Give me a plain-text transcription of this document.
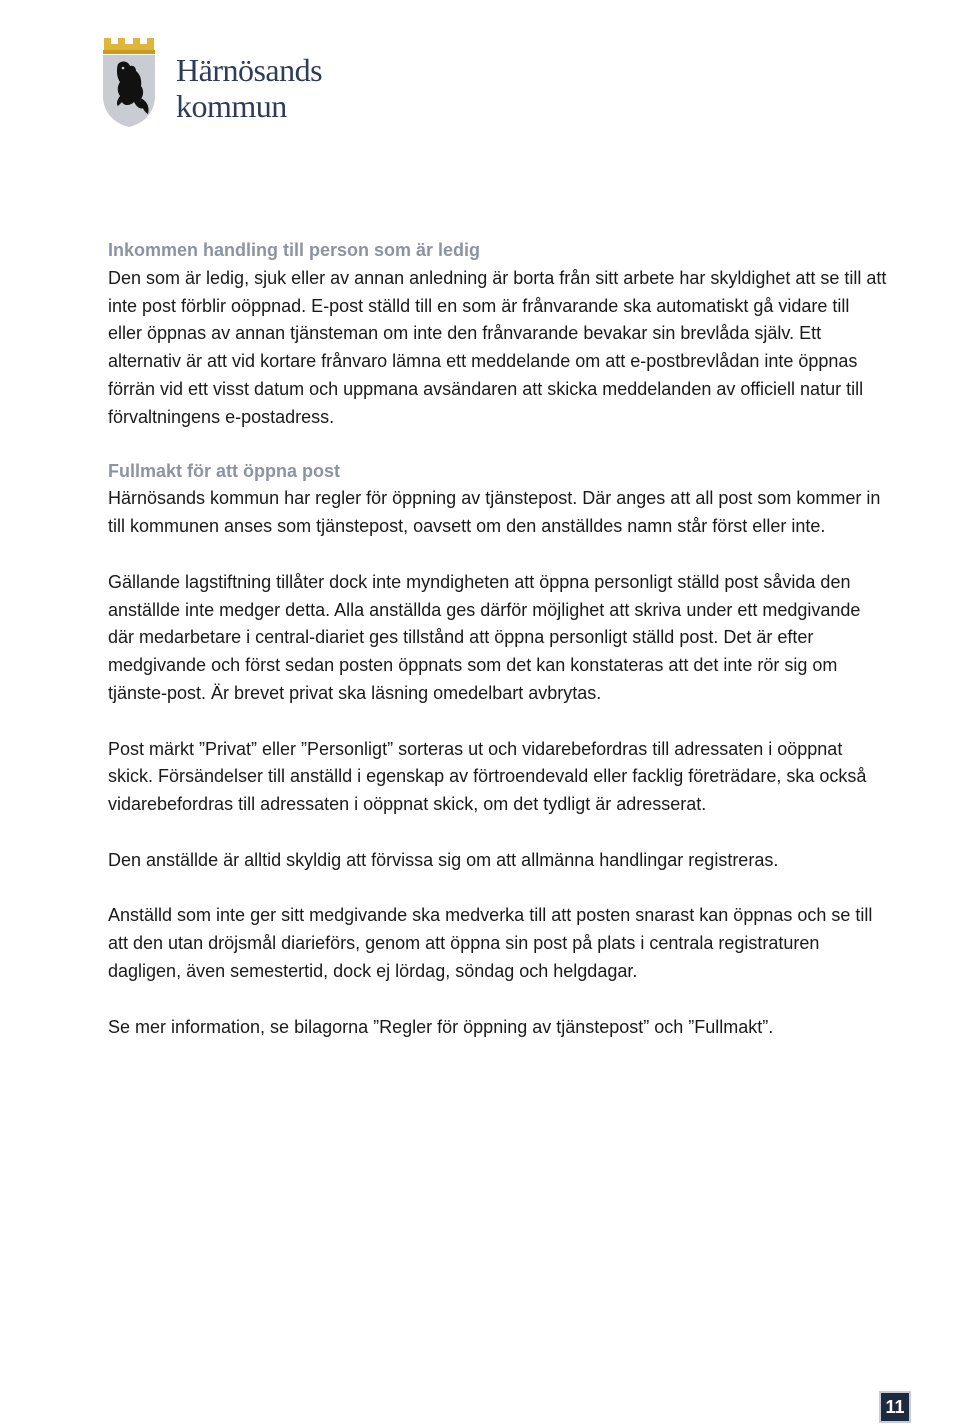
Härnösands
kommun
Inkommen handling till person som är ledig

Den som är ledig, sjuk eller av annan anledning är borta från sitt arbete har skyldighet att se till att inte post förblir oöppnad. E-post ställd till en som är frånvarande ska automatiskt gå vidare till eller öppnas av annan tjänsteman om inte den frånvarande bevakar sin brevlåda själv. Ett alternativ är att vid kortare frånvaro lämna ett meddelande om att e-postbrevlådan inte öppnas förrän vid ett visst datum och uppmana avsändaren att skicka meddelanden av officiell natur till förvaltningens e-postadress.

Fullmakt för att öppna post

Härnösands kommun har regler för öppning av tjänstepost. Där anges att all post som kommer in till kommunen anses som tjänstepost, oavsett om den anställdes namn står först eller inte.

Gällande lagstiftning tillåter dock inte myndigheten att öppna personligt ställd post såvida den anställde inte medger detta. Alla anställda ges därför möjlighet att skriva under ett medgivande där medarbetare i central-diariet ges tillstånd att öppna personligt ställd post. Det är efter medgivande och först sedan posten öppnats som det kan konstateras att det inte rör sig om tjänste-post. Är brevet privat ska läsning omedelbart avbrytas.

Post märkt ”Privat” eller ”Personligt” sorteras ut och vidarebefordras till adressaten i oöppnat skick. Försändelser till anställd i egenskap av förtroendevald eller facklig företrädare, ska också vidarebefordras till adressaten i oöppnat skick, om det tydligt är adresserat.

Den anställde är alltid skyldig att förvissa sig om att allmänna handlingar registreras.

Anställd som inte ger sitt medgivande ska medverka till att posten snarast kan öppnas och se till att den utan dröjsmål diarieförs, genom att öppna sin post på plats i centrala registraturen dagligen, även semestertid, dock ej lördag, söndag och helgdagar.

Se mer information, se bilagorna ”Regler för öppning av tjänstepost” och ”Fullmakt”.

11
